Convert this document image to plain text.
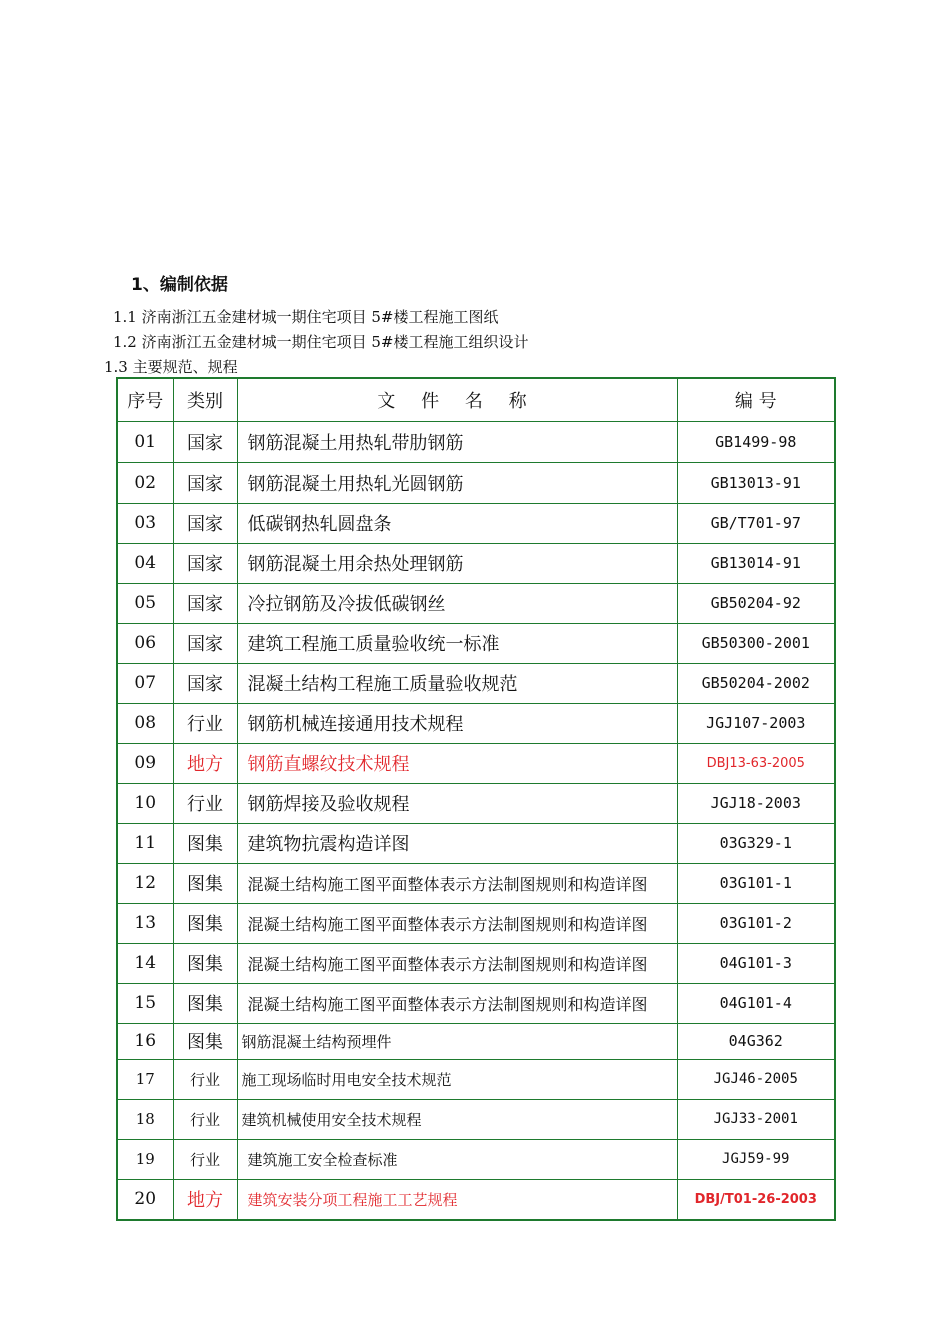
1、编制依据
1.1 济南浙江五金建材城一期住宅项目 5#楼工程施工图纸
1.2 济南浙江五金建材城一期住宅项目 5#楼工程施工组织设计
1.3 主要规范、规程
序号	类别	文 件 名 称	编 号
01	国家	钢筋混凝土用热轧带肋钢筋	GB1499-98
02	国家	钢筋混凝土用热轧光圆钢筋	GB13013-91
03	国家	低碳钢热轧圆盘条	GB/T701-97
04	国家	钢筋混凝土用余热处理钢筋	GB13014-91
05	国家	冷拉钢筋及冷拔低碳钢丝	GB50204-92
06	国家	建筑工程施工质量验收统一标准	GB50300-2001
07	国家	混凝土结构工程施工质量验收规范	GB50204-2002
08	行业	钢筋机械连接通用技术规程	JGJ107-2003
09	地方	钢筋直螺纹技术规程	DBJ13-63-2005
10	行业	钢筋焊接及验收规程	JGJ18-2003
11	图集	建筑物抗震构造详图	03G329-1
12	图集	混凝土结构施工图平面整体表示方法制图规则和构造详图	03G101-1
13	图集	混凝土结构施工图平面整体表示方法制图规则和构造详图	03G101-2
14	图集	混凝土结构施工图平面整体表示方法制图规则和构造详图	04G101-3
15	图集	混凝土结构施工图平面整体表示方法制图规则和构造详图	04G101-4
16	图集	钢筋混凝土结构预埋件	04G362
17	行业	施工现场临时用电安全技术规范	JGJ46-2005
18	行业	建筑机械使用安全技术规程	JGJ33-2001
19	行业	建筑施工安全检查标准	JGJ59-99
20	地方	建筑安装分项工程施工工艺规程	DBJ/T01-26-2003
